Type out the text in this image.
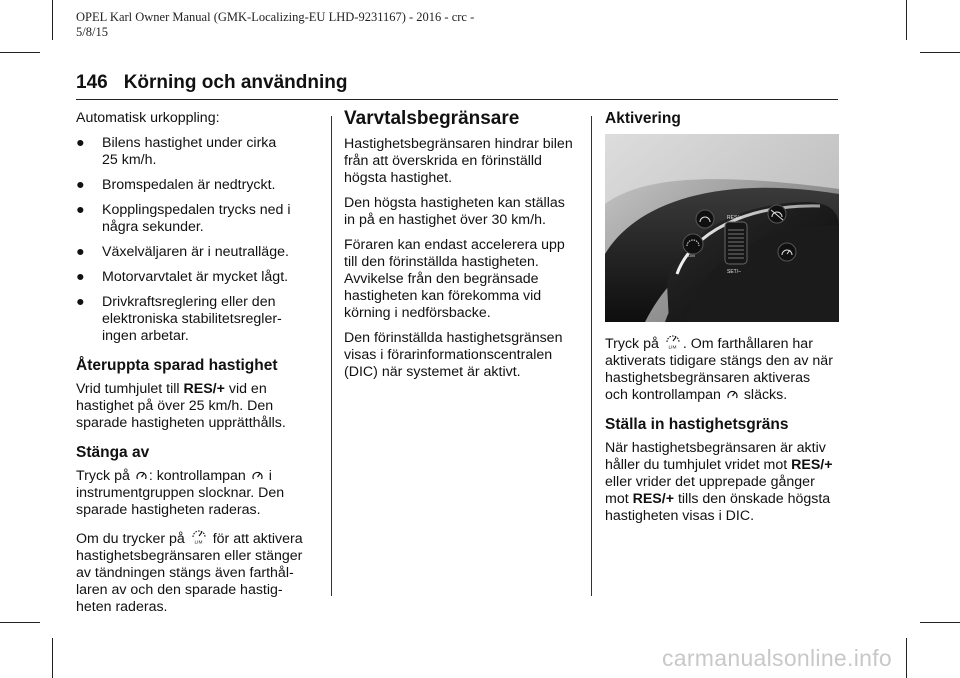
OPEL Karl Owner Manual (GMK-Localizing-EU LHD-9231167) - 2016 - crc -
5/8/15
146 Körning och användning

Automatisk urkoppling:

● Bilens hastighet under cirka
25 km/h.
● Bromspedalen är nedtryckt.
● Kopplingspedalen trycks ned i
några sekunder.
● Växelväljaren är i neutralläge.
● Motorvarvtalet är mycket lågt.
● Drivkraftsreglering eller den
elektroniska stabilitetsregler-
ingen arbetar.
Återuppta sparad hastighet

Vrid tumhjulet till RES/+ vid en
hastighet på över 25 km/h. Den
sparade hastigheten upprätthålls.

Stänga av

Tryck på : kontrollampan  i
instrumentgruppen slocknar. Den
sparade hastigheten raderas.

Om du trycker på LIM för att aktivera
hastighetsbegränsaren eller stänger
av tändningen stängs även farthål-
laren av och den sparade hastig-
heten raderas.

Varvtalsbegränsare

Hastighetsbegränsaren hindrar bilen
från att överskrida en förinställd
högsta hastighet.

Den högsta hastigheten kan ställas
in på en hastighet över 30 km/h.

Föraren kan endast accelerera upp
till den förinställda hastigheten.
Avvikelse från den begränsade
hastigheten kan förekomma vid
körning i nedförsbacke.

Den förinställda hastighetsgränsen
visas i förarinformationscentralen
(DIC) när systemet är aktivt.

Aktivering
LIM
RES/+
SET/–

Tryck på LIM . Om farthållaren har
aktiverats tidigare stängs den av när
hastighetsbegränsaren aktiveras
och kontrollampan  släcks.

Ställa in hastighetsgräns

När hastighetsbegränsaren är aktiv
håller du tumhjulet vridet mot RES/+
eller vrider det upprepade gånger
mot RES/+ tills den önskade högsta
hastigheten visas i DIC.

carmanualsonline.info
